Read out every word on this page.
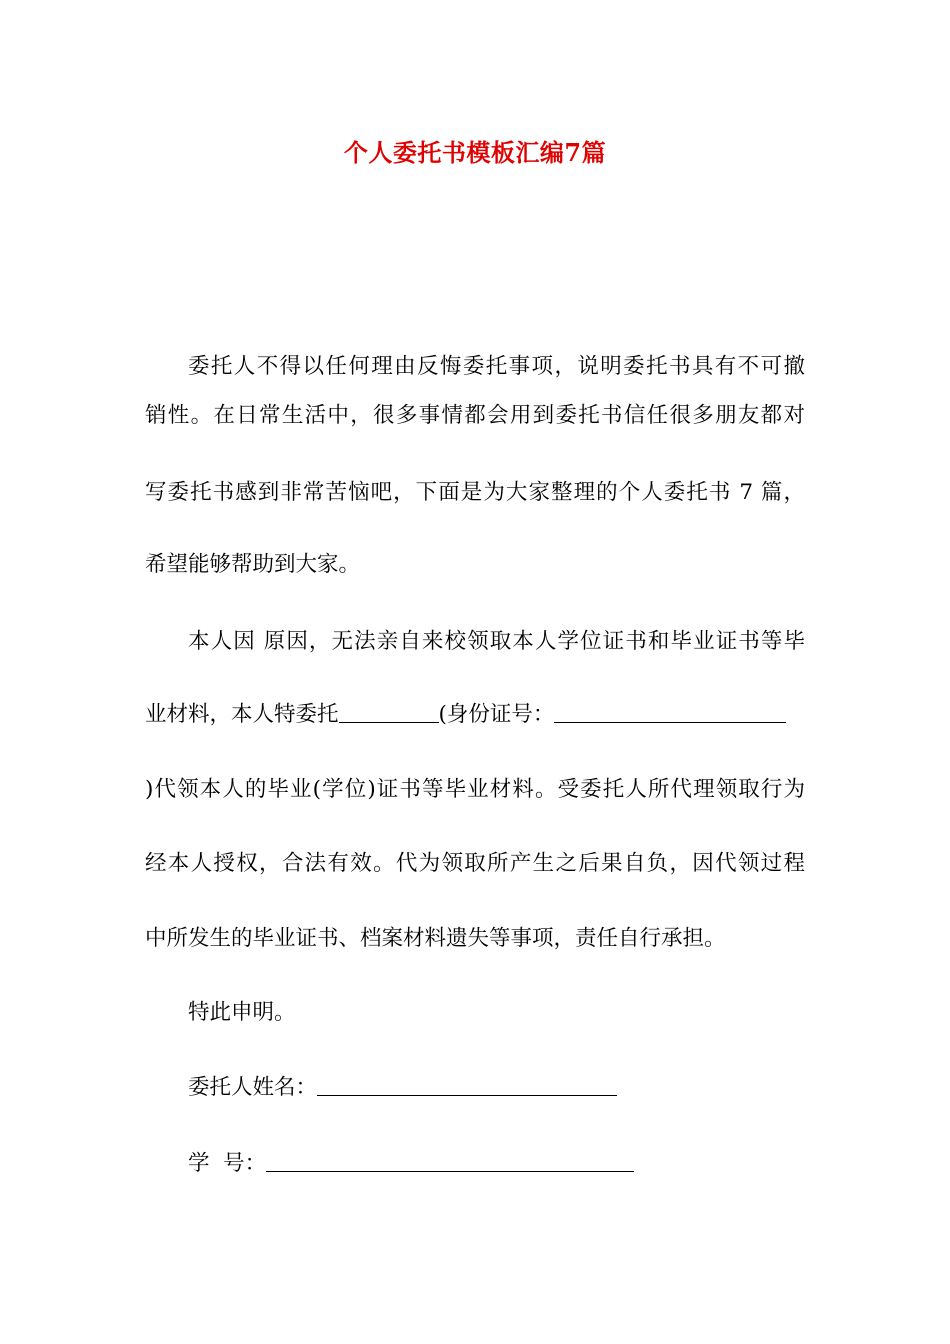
个人委托书模板汇编7篇
委托人不得以任何理由反悔委托事项，说明委托书具有不可撤
销性。在日常生活中，很多事情都会用到委托书信任很多朋友都对
写委托书感到非常苦恼吧，下面是为大家整理的个人委托书 7 篇，
希望能够帮助到大家。
本人因 原因，无法亲自来校领取本人学位证书和毕业证书等毕
业材料，本人特委托	(身份证号：
)代领本人的毕业(学位)证书等毕业材料。受委托人所代理领取行为
经本人授权，合法有效。代为领取所产生之后果自负，因代领过程
中所发生的毕业证书、档案材料遗失等事项，责任自行承担。
特此申明。
委托人姓名：
学  号：
